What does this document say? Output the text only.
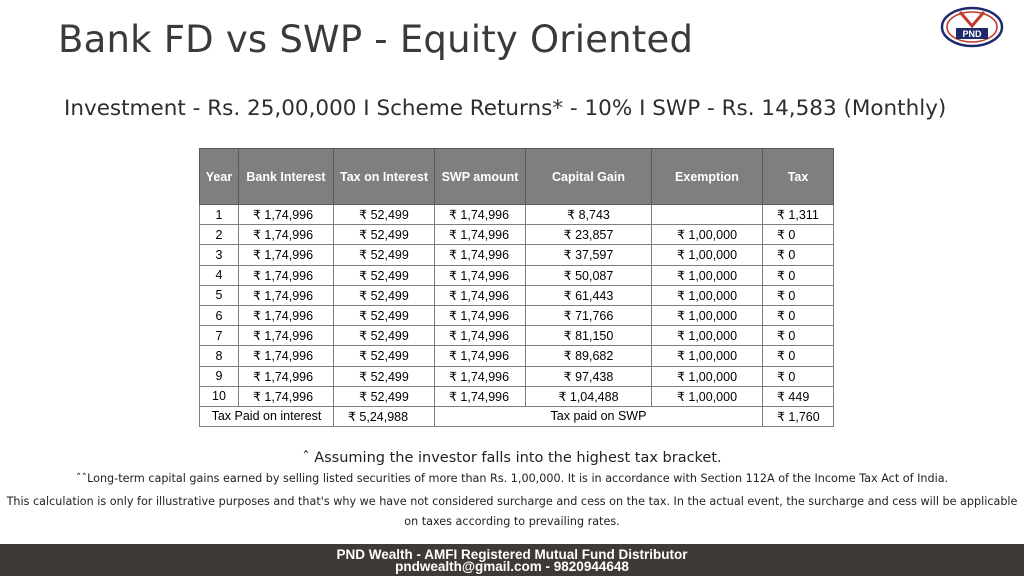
Bank FD vs SWP - Equity Oriented	PND
Investment - Rs. 25,00,000 I Scheme Returns* - 10% I SWP - Rs. 14,583 (Monthly)
Year	Bank Interest	Tax on Interest	SWP amount	Capital Gain	Exemption	Tax
1	₹ 1,74,996	₹ 52,499	₹ 1,74,996	₹ 8,743		₹ 1,311
2	₹ 1,74,996	₹ 52,499	₹ 1,74,996	₹ 23,857	₹ 1,00,000	₹ 0
3	₹ 1,74,996	₹ 52,499	₹ 1,74,996	₹ 37,597	₹ 1,00,000	₹ 0
4	₹ 1,74,996	₹ 52,499	₹ 1,74,996	₹ 50,087	₹ 1,00,000	₹ 0
5	₹ 1,74,996	₹ 52,499	₹ 1,74,996	₹ 61,443	₹ 1,00,000	₹ 0
6	₹ 1,74,996	₹ 52,499	₹ 1,74,996	₹ 71,766	₹ 1,00,000	₹ 0
7	₹ 1,74,996	₹ 52,499	₹ 1,74,996	₹ 81,150	₹ 1,00,000	₹ 0
8	₹ 1,74,996	₹ 52,499	₹ 1,74,996	₹ 89,682	₹ 1,00,000	₹ 0
9	₹ 1,74,996	₹ 52,499	₹ 1,74,996	₹ 97,438	₹ 1,00,000	₹ 0
10	₹ 1,74,996	₹ 52,499	₹ 1,74,996	₹ 1,04,488	₹ 1,00,000	₹ 449
Tax Paid on interest		₹ 5,24,988	Tax paid on SWP			₹ 1,760
ˆ Assuming the investor falls into the highest tax bracket.
ˆˆLong-term capital gains earned by selling listed securities of more than Rs. 1,00,000. It is in accordance with Section 112A of the Income Tax Act of India.
This calculation is only for illustrative purposes and that's why we have not considered surcharge and cess on the tax. In the actual event, the surcharge and cess will be applicable on taxes according to prevailing rates.
PND Wealth - AMFI Registered Mutual Fund Distributor
pndwealth@gmail.com - 9820944648
